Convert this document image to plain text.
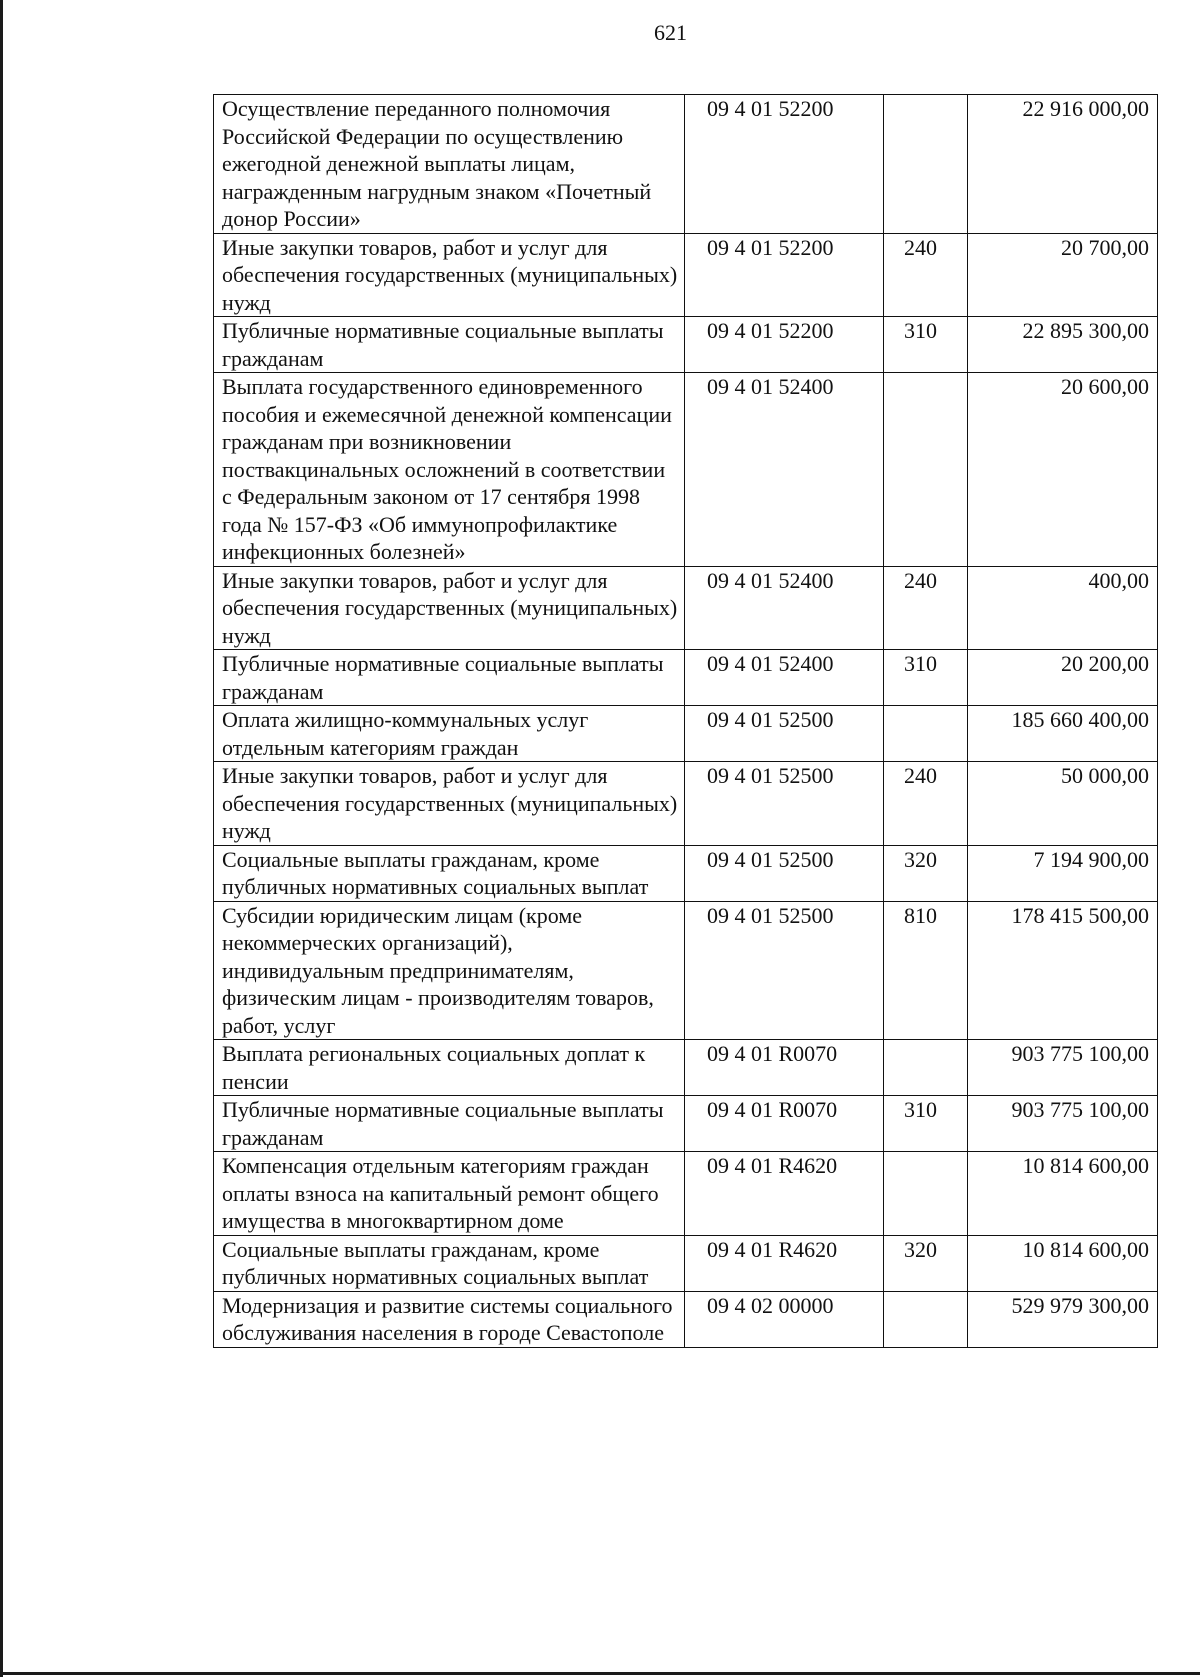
621
Осуществление переданного полномочия Российской Федерации по осуществлению ежегодной денежной выплаты лицам, награжденным нагрудным знаком «Почетный донор России»	09 4 01 52200		22 916 000,00
Иные закупки товаров, работ и услуг для обеспечения государственных (муниципальных) нужд	09 4 01 52200	240	20 700,00
Публичные нормативные социальные выплаты гражданам	09 4 01 52200	310	22 895 300,00
Выплата государственного единовременного пособия и ежемесячной денежной компенсации гражданам при возникновении поствакцинальных осложнений в соответствии с Федеральным законом от 17 сентября 1998 года № 157-ФЗ «Об иммунопрофилактике инфекционных болезней»	09 4 01 52400		20 600,00
Иные закупки товаров, работ и услуг для обеспечения государственных (муниципальных) нужд	09 4 01 52400	240	400,00
Публичные нормативные социальные выплаты гражданам	09 4 01 52400	310	20 200,00
Оплата жилищно-коммунальных услуг отдельным категориям граждан	09 4 01 52500		185 660 400,00
Иные закупки товаров, работ и услуг для обеспечения государственных (муниципальных) нужд	09 4 01 52500	240	50 000,00
Социальные выплаты гражданам, кроме публичных нормативных социальных выплат	09 4 01 52500	320	7 194 900,00
Субсидии юридическим лицам (кроме некоммерческих организаций), индивидуальным предпринимателям, физическим лицам - производителям товаров, работ, услуг	09 4 01 52500	810	178 415 500,00
Выплата региональных социальных доплат к пенсии	09 4 01 R0070		903 775 100,00
Публичные нормативные социальные выплаты гражданам	09 4 01 R0070	310	903 775 100,00
Компенсация отдельным категориям граждан оплаты взноса на капитальный ремонт общего имущества в многоквартирном доме	09 4 01 R4620		10 814 600,00
Социальные выплаты гражданам, кроме публичных нормативных социальных выплат	09 4 01 R4620	320	10 814 600,00
Модернизация и развитие системы социального обслуживания населения в городе Севастополе	09 4 02 00000		529 979 300,00
